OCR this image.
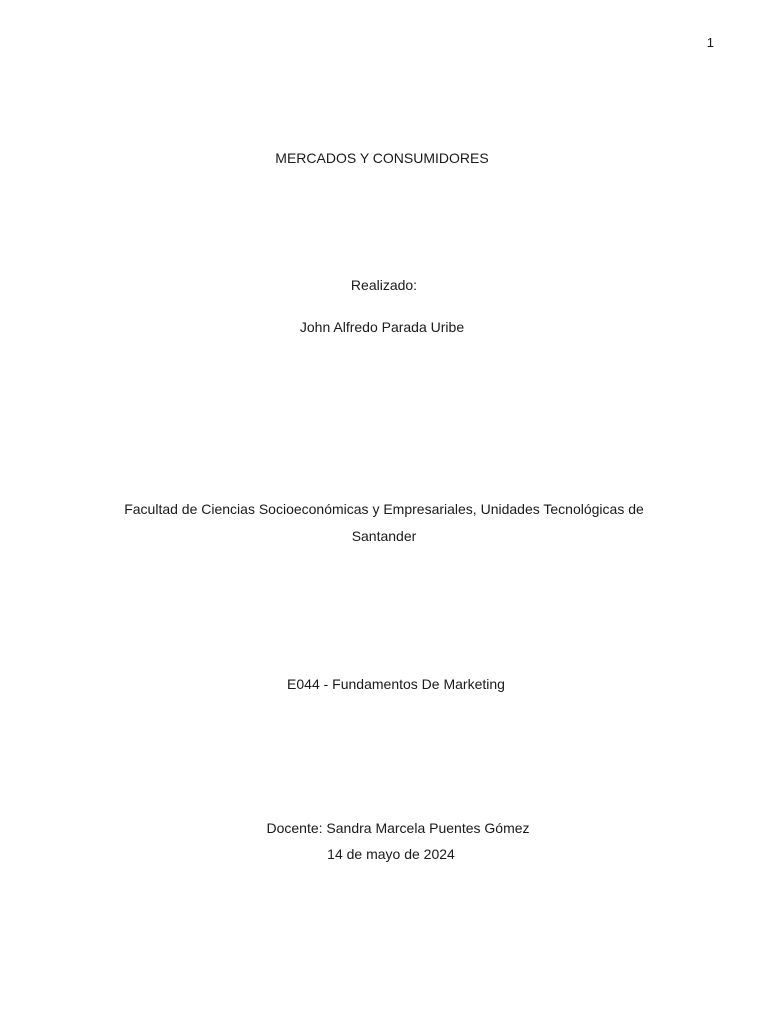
1
MERCADOS Y CONSUMIDORES
Realizado:
John Alfredo Parada Uribe
Facultad de Ciencias Socioeconómicas y Empresariales, Unidades Tecnológicas de
Santander
E044 - Fundamentos De Marketing
Docente: Sandra Marcela Puentes Gómez
14 de mayo de 2024
